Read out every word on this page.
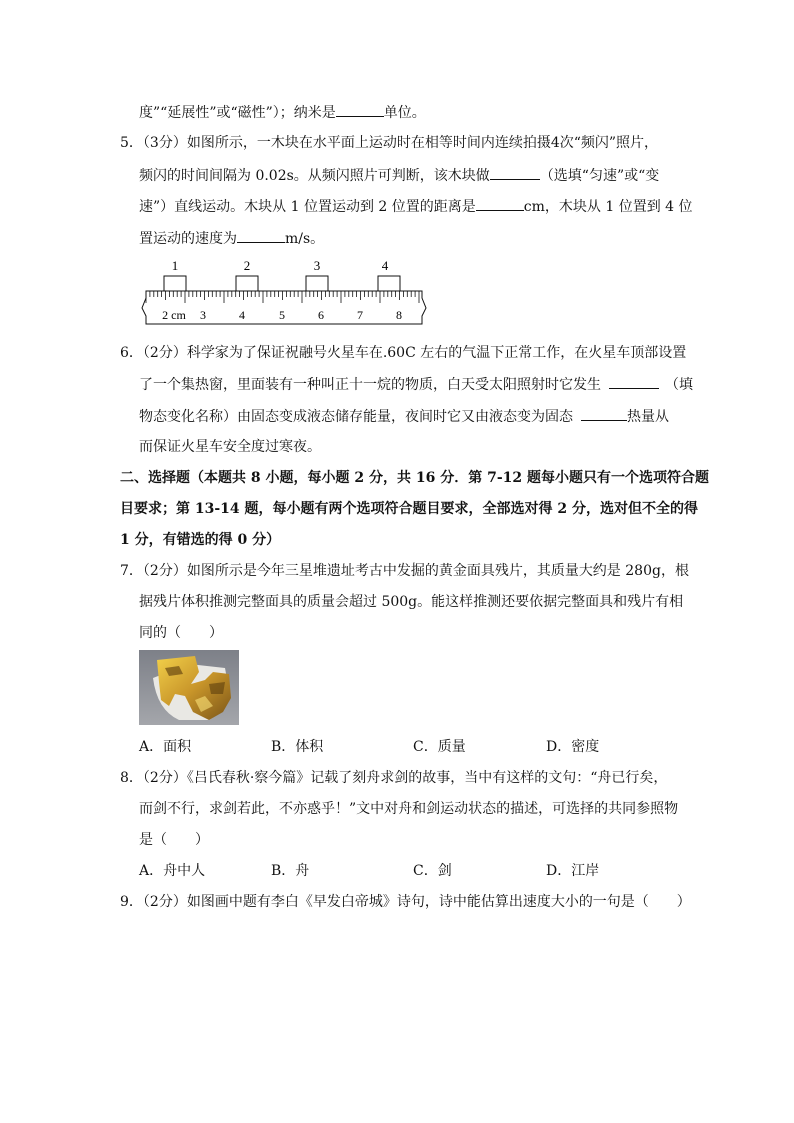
度”“延展性”或“磁性”）；纳米是	单位。
5．（3分）如图所示，一木块在水平面上运动时在相等时间内连续拍摄4次“频闪”照片，
频闪的时间间隔为 0.02s。从频闪照片可判断，该木块做	（选填“匀速”或“变
速”）直线运动。木块从 1 位置运动到 2 位置的距离是	cm，木块从 1 位置到 4 位
置运动的速度为	m/s。
1	2	3	4
2 cm 3	4	5	6	7	8
6．（2分）科学家为了保证祝融号火星车在.60C 左右的气温下正常工作，在火星车顶部设置
了一个集热窗，里面装有一种叫正十一烷的物质，白天受太阳照射时它发生	（填
物态变化名称）由固态变成液态储存能量，夜间时它又由液态变为固态	热量从
而保证火星车安全度过寒夜。
二、选择题（本题共 8 小题，每小题 2 分，共 16 分．第 7-12 题每小题只有一个选项符合题
目要求；第 13-14 题，每小题有两个选项符合题目要求，全部选对得 2 分，选对但不全的得
1 分，有错选的得 0 分）
7．（2分）如图所示是今年三星堆遗址考古中发掘的黄金面具残片，其质量大约是 280g，根
据残片体积推测完整面具的质量会超过 500g。能这样推测还要依据完整面具和残片有相
同的（　　）
A．面积	B．体积	C．质量	D．密度
8．（2分）《吕氏春秋·察今篇》记载了刻舟求剑的故事，当中有这样的文句：“舟已行矣，
而剑不行，求剑若此，不亦惑乎！”文中对舟和剑运动状态的描述，可选择的共同参照物
是（　　）
A．舟中人	B．舟	C．剑	D．江岸
9．（2分）如图画中题有李白《早发白帝城》诗句，诗中能估算出速度大小的一句是（　　）
